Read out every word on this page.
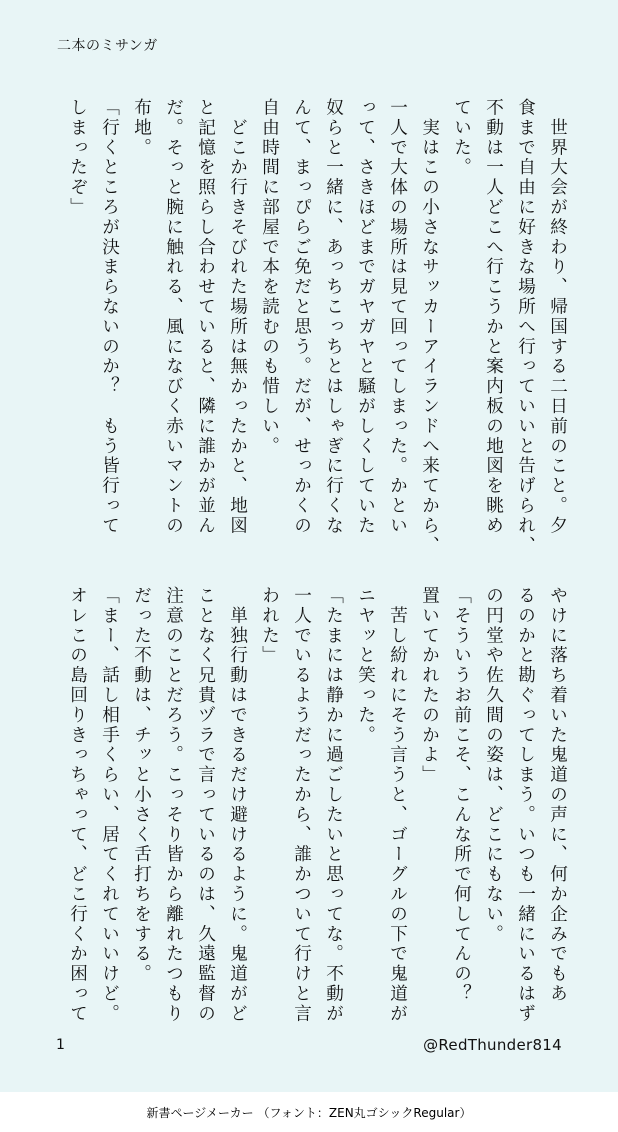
二本のミサンガ
　世界大会が終わり、帰国する二日前のこと。夕
食まで自由に好きな場所へ行っていいと告げられ、
不動は一人どこへ行こうかと案内板の地図を眺め
ていた。
　実はこの小さなサッカーアイランドへ来てから、
一人で大体の場所は見て回ってしまった。かとい
って、さきほどまでガヤガヤと騒がしくしていた
奴らと一緒に、あっちこっちとはしゃぎに行くな
んて、まっぴらご免だと思う。だが、せっかくの
自由時間に部屋で本を読むのも惜しい。
　どこか行きそびれた場所は無かったかと、地図
と記憶を照らし合わせていると、隣に誰かが並ん
だ。そっと腕に触れる、風になびく赤いマントの
布地。
「行くところが決まらないのか？　もう皆行って
しまったぞ」
やけに落ち着いた鬼道の声に、何か企みでもあ
るのかと勘ぐってしまう。いつも一緒にいるはず
の円堂や佐久間の姿は、どこにもない。
「そういうお前こそ、こんな所で何してんの？
置いてかれたのかよ」
　苦し紛れにそう言うと、ゴーグルの下で鬼道が
ニヤッと笑った。
「たまには静かに過ごしたいと思ってな。不動が
一人でいるようだったから、誰かついて行けと言
われた」
　単独行動はできるだけ避けるように。鬼道がど
ことなく兄貴ヅラで言っているのは、久遠監督の
注意のことだろう。こっそり皆から離れたつもり
だった不動は、チッと小さく舌打ちをする。
「まー、話し相手くらい、居てくれていいけど。
オレこの島回りきっちゃって、どこ行くか困って
1	@RedThunder814
新書ページメーカー （フォント：ZEN丸ゴシックRegular）
